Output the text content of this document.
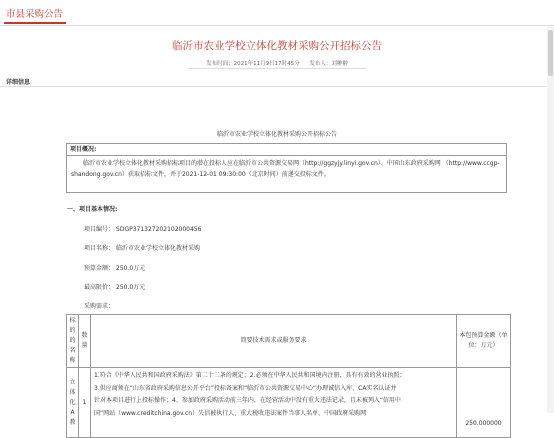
市县采购公告
临沂市农业学校立体化教材采购公开招标公告
发布时间：2021年11月9日17时45分 发布人：刘翀翀
详细信息
临沂市农业学校立体化教材采购公开招标公告
项目概况:
临沂市农业学校立体化教材采购招标项目的潜在投标人应在临沂市公共资源交易网（http://ggzyjy.linyi.gov.cn）、中国山东政府采购网 （http://www.ccgp-shandong.gov.cn）获取招标文件，并于2021-12-01 09:30:00（北京时间）前递交投标文件。
一、项目基本情况:
项目编号： SDGP371327202102000456
项目名称： 临沂市农业学校立体化教材采购
预算金额： 250.0万元
最高限价： 250.0万元
采购需求：
标的的名称	数量	简要技术需求或服务要求	本包预算金额（单位：万元）
立体化A教	1	1.符合《中华人民共和国政府采购法》第二十二条的规定；2.必须在中华人民共和国境内注册，具有有效的营业执照；
3.供应商须在“山东省政府采购信息公开平台”投标备案和“临沂市公共资源交易中心”办理诚信入库、CA实名认证并
针对本项目进行上投标操作；4、参加政府采购活动前三年内，在经营活动中没有重大违法记录，且未被列入“信用中
国”网站（www.creditchina.gov.cn）失信被执行人、重大税收违法案件当事人名单、中国政府采购网	250.000000
